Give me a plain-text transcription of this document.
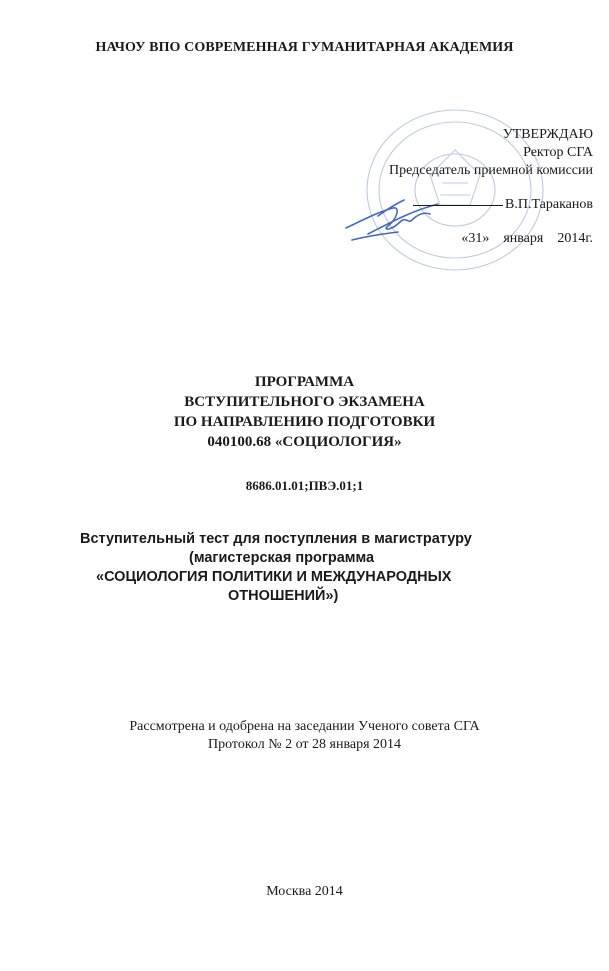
НАЧОУ ВПО СОВРЕМЕННАЯ ГУМАНИТАРНАЯ АКАДЕМИЯ
УТВЕРЖДАЮ
Ректор СГА
Председатель приемной комиссии
В.П.Тараканов
«31» января 2014г.
ПРОГРАММА
ВСТУПИТЕЛЬНОГО ЭКЗАМЕНА
ПО НАПРАВЛЕНИЮ ПОДГОТОВКИ
040100.68 «СОЦИОЛОГИЯ»
8686.01.01;ПВЭ.01;1
Вступительный тест для поступления в магистратуру
(магистерская программа
«СОЦИОЛОГИЯ ПОЛИТИКИ И МЕЖДУНАРОДНЫХ
ОТНОШЕНИЙ»)
Рассмотрена и одобрена на заседании Ученого совета СГА
Протокол № 2 от 28 января 2014
Москва 2014
